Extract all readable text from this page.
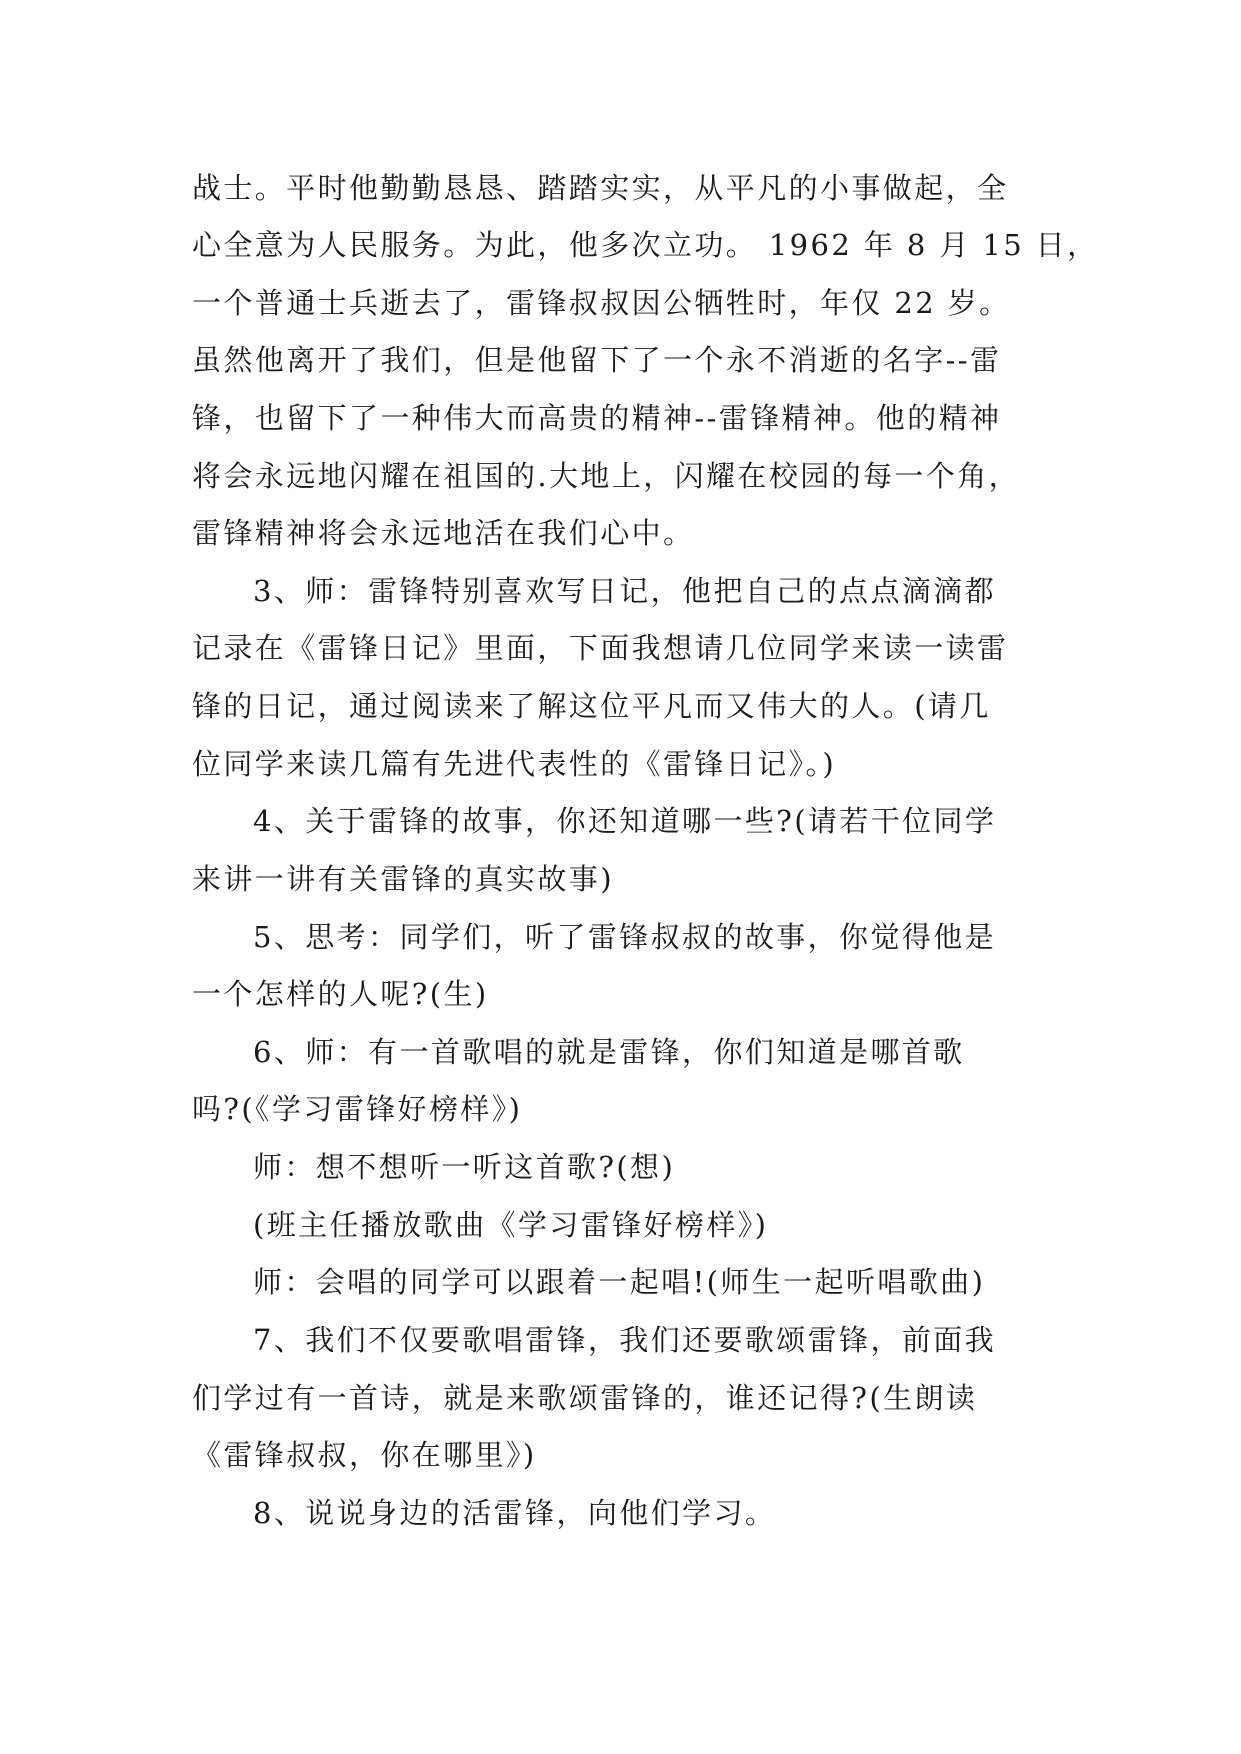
战士。平时他勤勤恳恳、踏踏实实，从平凡的小事做起，全
心全意为人民服务。为此，他多次立功。 1962 年 8 月 15 日，
一个普通士兵逝去了，雷锋叔叔因公牺牲时，年仅 22 岁。
虽然他离开了我们，但是他留下了一个永不消逝的名字--雷
锋，也留下了一种伟大而高贵的精神--雷锋精神。他的精神
将会永远地闪耀在祖国的.大地上，闪耀在校园的每一个角，
雷锋精神将会永远地活在我们心中。
3、师：雷锋特别喜欢写日记，他把自己的点点滴滴都
记录在《雷锋日记》里面，下面我想请几位同学来读一读雷
锋的日记，通过阅读来了解这位平凡而又伟大的人。(请几
位同学来读几篇有先进代表性的《雷锋日记》。)
4、关于雷锋的故事，你还知道哪一些?(请若干位同学
来讲一讲有关雷锋的真实故事)
5、思考：同学们，听了雷锋叔叔的故事，你觉得他是
一个怎样的人呢?(生)
6、师：有一首歌唱的就是雷锋，你们知道是哪首歌
吗?(《学习雷锋好榜样》)
师：想不想听一听这首歌?(想)
(班主任播放歌曲《学习雷锋好榜样》)
师：会唱的同学可以跟着一起唱!(师生一起听唱歌曲)
7、我们不仅要歌唱雷锋，我们还要歌颂雷锋，前面我
们学过有一首诗，就是来歌颂雷锋的，谁还记得?(生朗读
《雷锋叔叔，你在哪里》)
8、说说身边的活雷锋，向他们学习。
